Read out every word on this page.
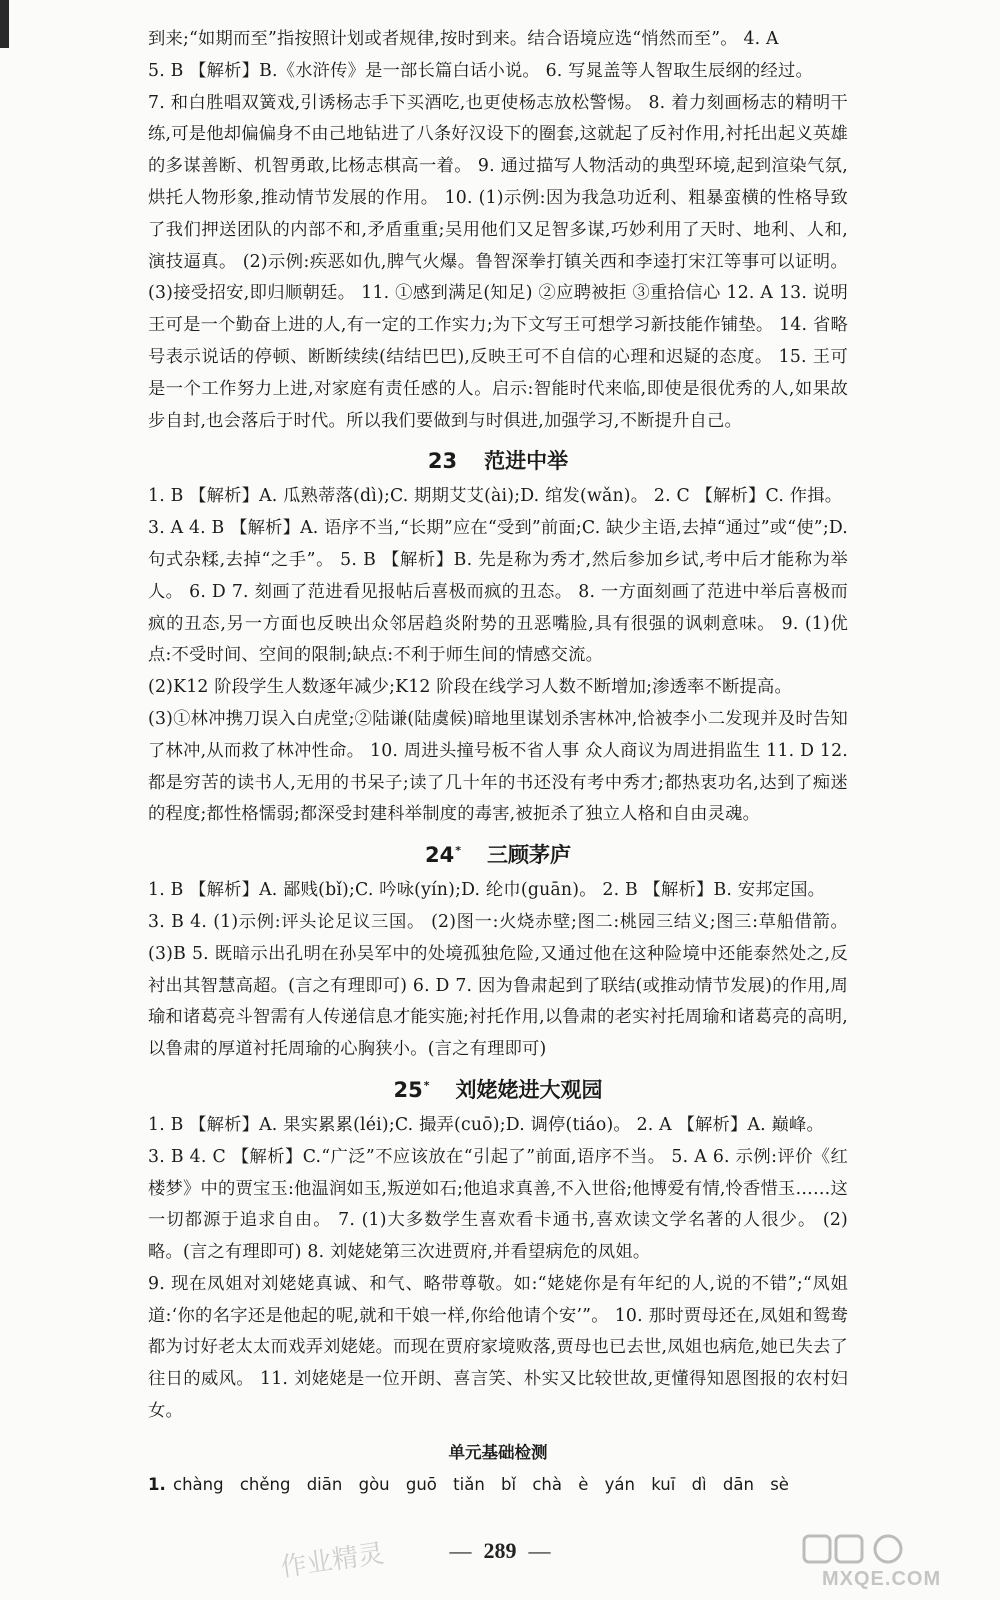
到来;“如期而至”指按照计划或者规律,按时到来。结合语境应选“悄然而至”。 4. A

5. B 【解析】B.《水浒传》是一部长篇白话小说。 6. 写晁盖等人智取生辰纲的经过。

7. 和白胜唱双簧戏,引诱杨志手下买酒吃,也更使杨志放松警惕。 8. 着力刻画杨志的精明干练,可是他却偏偏身不由己地钻进了八条好汉设下的圈套,这就起了反衬作用,衬托出起义英雄的多谋善断、机智勇敢,比杨志棋高一着。 9. 通过描写人物活动的典型环境,起到渲染气氛,烘托人物形象,推动情节发展的作用。 10. (1)示例:因为我急功近利、粗暴蛮横的性格导致了我们押送团队的内部不和,矛盾重重;吴用他们又足智多谋,巧妙利用了天时、地利、人和,演技逼真。 (2)示例:疾恶如仇,脾气火爆。鲁智深拳打镇关西和李逵打宋江等事可以证明。 (3)接受招安,即归顺朝廷。 11. ①感到满足(知足) ②应聘被拒 ③重拾信心 12. A 13. 说明王可是一个勤奋上进的人,有一定的工作实力;为下文写王可想学习新技能作铺垫。 14. 省略号表示说话的停顿、断断续续(结结巴巴),反映王可不自信的心理和迟疑的态度。 15. 王可是一个工作努力上进,对家庭有责任感的人。启示:智能时代来临,即使是很优秀的人,如果故步自封,也会落后于时代。所以我们要做到与时俱进,加强学习,不断提升自己。

23 范进中举

1. B 【解析】A. 瓜熟蒂落(dì);C. 期期艾艾(ài);D. 绾发(wǎn)。 2. C 【解析】C. 作揖。

3. A 4. B 【解析】A. 语序不当,“长期”应在“受到”前面;C. 缺少主语,去掉“通过”或“使”;D. 句式杂糅,去掉“之手”。 5. B 【解析】B. 先是称为秀才,然后参加乡试,考中后才能称为举人。 6. D 7. 刻画了范进看见报帖后喜极而疯的丑态。 8. 一方面刻画了范进中举后喜极而疯的丑态,另一方面也反映出众邻居趋炎附势的丑恶嘴脸,具有很强的讽刺意味。 9. (1)优点:不受时间、空间的限制;缺点:不利于师生间的情感交流。

(2)K12 阶段学生人数逐年减少;K12 阶段在线学习人数不断增加;渗透率不断提高。

(3)①林冲携刀误入白虎堂;②陆谦(陆虞候)暗地里谋划杀害林冲,恰被李小二发现并及时告知了林冲,从而救了林冲性命。 10. 周进头撞号板不省人事 众人商议为周进捐监生 11. D 12. 都是穷苦的读书人,无用的书呆子;读了几十年的书还没有考中秀才;都热衷功名,达到了痴迷的程度;都性格懦弱;都深受封建科举制度的毒害,被扼杀了独立人格和自由灵魂。

24* 三顾茅庐

1. B 【解析】A. 鄙贱(bǐ);C. 吟咏(yín);D. 纶巾(guān)。 2. B 【解析】B. 安邦定国。

3. B 4. (1)示例:评头论足议三国。 (2)图一:火烧赤壁;图二:桃园三结义;图三:草船借箭。 (3)B 5. 既暗示出孔明在孙吴军中的处境孤独危险,又通过他在这种险境中还能泰然处之,反衬出其智慧高超。(言之有理即可) 6. D 7. 因为鲁肃起到了联结(或推动情节发展)的作用,周瑜和诸葛亮斗智需有人传递信息才能实施;衬托作用,以鲁肃的老实衬托周瑜和诸葛亮的高明,以鲁肃的厚道衬托周瑜的心胸狭小。(言之有理即可)

25* 刘姥姥进大观园

1. B 【解析】A. 果实累累(léi);C. 撮弄(cuō);D. 调停(tiáo)。 2. A 【解析】A. 巅峰。

3. B 4. C 【解析】C.“广泛”不应该放在“引起了”前面,语序不当。 5. A 6. 示例:评价《红楼梦》中的贾宝玉:他温润如玉,叛逆如石;他追求真善,不入世俗;他博爱有情,怜香惜玉……这一切都源于追求自由。 7. (1)大多数学生喜欢看卡通书,喜欢读文学名著的人很少。 (2)略。(言之有理即可) 8. 刘姥姥第三次进贾府,并看望病危的凤姐。

9. 现在凤姐对刘姥姥真诚、和气、略带尊敬。如:“姥姥你是有年纪的人,说的不错”;“凤姐道:‘你的名字还是他起的呢,就和干娘一样,你给他请个安’”。 10. 那时贾母还在,凤姐和鸳鸯都为讨好老太太而戏弄刘姥姥。而现在贾府家境败落,贾母也已去世,凤姐也病危,她已失去了往日的威风。 11. 刘姥姥是一位开朗、喜言笑、朴实又比较世故,更懂得知恩图报的农村妇女。

单元基础检测
1. chàng chěng diān gòu guō tiǎn bǐ chà è yán kuī dì dān sè
作业精灵	— 289 —
MXQE.COM
